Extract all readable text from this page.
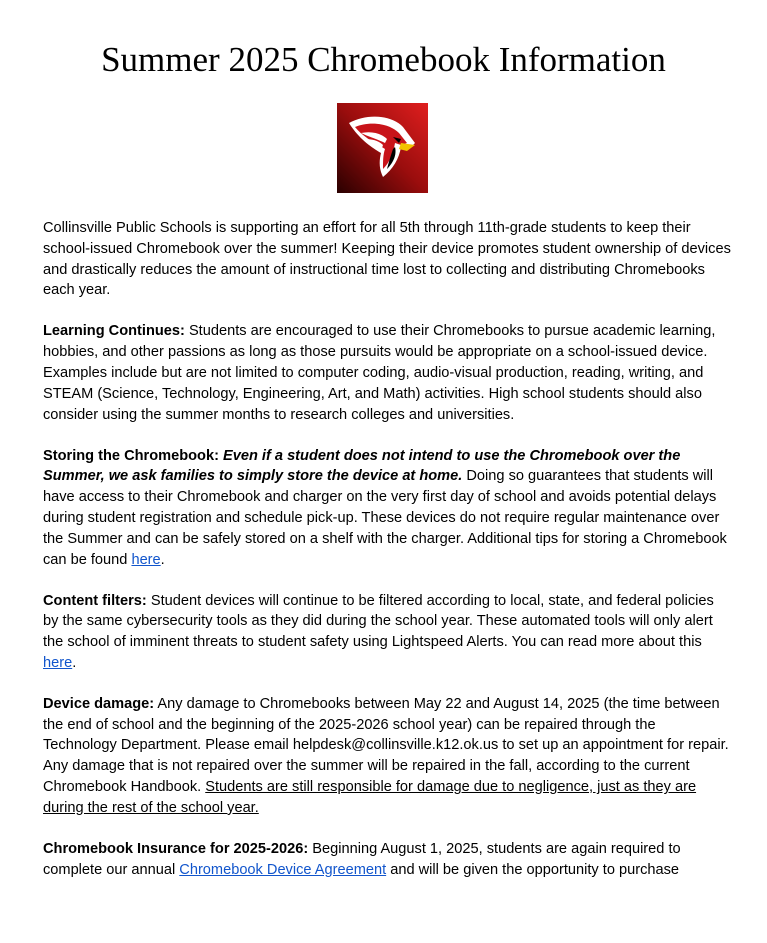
Summer 2025 Chromebook Information

Collinsville Public Schools is supporting an effort for all 5th through 11th-grade students to keep their school-issued Chromebook over the summer! Keeping their device promotes student ownership of devices and drastically reduces the amount of instructional time lost to collecting and distributing Chromebooks each year.

Learning Continues: Students are encouraged to use their Chromebooks to pursue academic learning, hobbies, and other passions as long as those pursuits would be appropriate on a school-issued device. Examples include but are not limited to computer coding, audio-visual production, reading, writing, and STEAM (Science, Technology, Engineering, Art, and Math) activities. High school students should also consider using the summer months to research colleges and universities.

Storing the Chromebook: Even if a student does not intend to use the Chromebook over the Summer, we ask families to simply store the device at home. Doing so guarantees that students will have access to their Chromebook and charger on the very first day of school and avoids potential delays during student registration and schedule pick-up. These devices do not require regular maintenance over the Summer and can be safely stored on a shelf with the charger. Additional tips for storing a Chromebook can be found here.

Content filters: Student devices will continue to be filtered according to local, state, and federal policies by the same cybersecurity tools as they did during the school year. These automated tools will only alert the school of imminent threats to student safety using Lightspeed Alerts. You can read more about this here.

Device damage: Any damage to Chromebooks between May 22 and August 14, 2025 (the time between the end of school and the beginning of the 2025-2026 school year) can be repaired through the Technology Department. Please email helpdesk@collinsville.k12.ok.us to set up an appointment for repair. Any damage that is not repaired over the summer will be repaired in the fall, according to the current Chromebook Handbook. Students are still responsible for damage due to negligence, just as they are during the rest of the school year.

Chromebook Insurance for 2025-2026: Beginning August 1, 2025, students are again required to complete our annual Chromebook Device Agreement and will be given the opportunity to purchase
